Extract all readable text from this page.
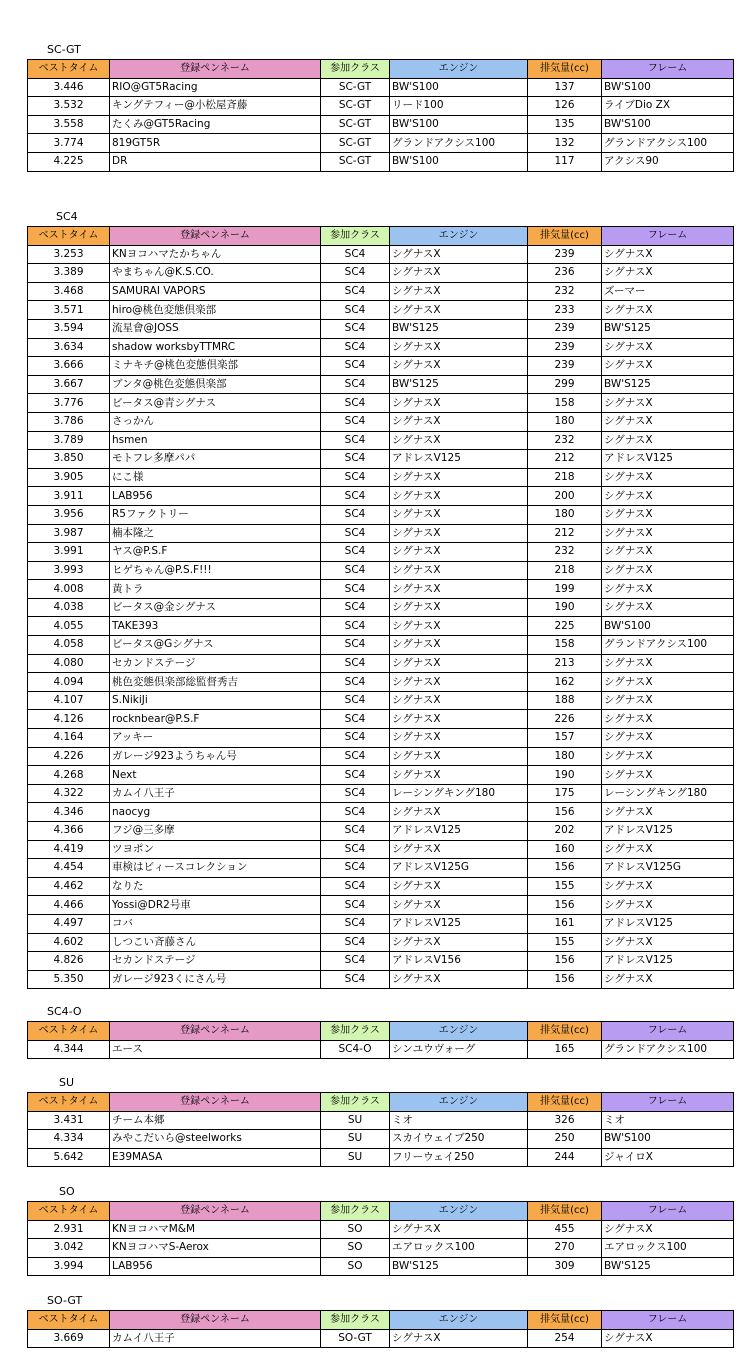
SC-GT
ベストタイム	登録ペンネーム	参加クラス	エンジン	排気量(cc)	フレーム
3.446	RIO@GT5Racing	SC-GT	BW'S100	137	BW'S100
3.532	キングテフィー@小松屋斉藤	SC-GT	リード100	126	ライブDio ZX
3.558	たくみ@GT5Racing	SC-GT	BW'S100	135	BW'S100
3.774	819GT5R	SC-GT	グランドアクシス100	132	グランドアクシス100
4.225	DR	SC-GT	BW'S100	117	アクシス90
SC4
ベストタイム	登録ペンネーム	参加クラス	エンジン	排気量(cc)	フレーム
3.253	KNヨコハマたかちゃん	SC4	シグナスX	239	シグナスX
3.389	やまちゃん@K.S.CO.	SC4	シグナスX	236	シグナスX
3.468	SAMURAI VAPORS	SC4	シグナスX	232	ズーマー
3.571	hiro@桃色変態倶楽部	SC4	シグナスX	233	シグナスX
3.594	流星會@JOSS	SC4	BW'S125	239	BW'S125
3.634	shadow worksbyTTMRC	SC4	シグナスX	239	シグナスX
3.666	ミナキチ@桃色変態倶楽部	SC4	シグナスX	239	シグナスX
3.667	ブンタ@桃色変態倶楽部	SC4	BW'S125	299	BW'S125
3.776	ビータス@青シグナス	SC4	シグナスX	158	シグナスX
3.786	さっかん	SC4	シグナスX	180	シグナスX
3.789	hsmen	SC4	シグナスX	232	シグナスX
3.850	モトフレ多摩パパ	SC4	アドレスV125	212	アドレスV125
3.905	にこ様	SC4	シグナスX	218	シグナスX
3.911	LAB956	SC4	シグナスX	200	シグナスX
3.956	R5ファクトリー	SC4	シグナスX	180	シグナスX
3.987	楠本隆之	SC4	シグナスX	212	シグナスX
3.991	ヤス@P.S.F	SC4	シグナスX	232	シグナスX
3.993	ヒゲちゃん@P.S.F!!!	SC4	シグナスX	218	シグナスX
4.008	黄トラ	SC4	シグナスX	199	シグナスX
4.038	ビータス@金シグナス	SC4	シグナスX	190	シグナスX
4.055	TAKE393	SC4	シグナスX	225	BW'S100
4.058	ビータス@Gシグナス	SC4	シグナスX	158	グランドアクシス100
4.080	セカンドステージ	SC4	シグナスX	213	シグナスX
4.094	桃色変態倶楽部総監督秀吉	SC4	シグナスX	162	シグナスX
4.107	S.NikiJi	SC4	シグナスX	188	シグナスX
4.126	rocknbear@P.S.F	SC4	シグナスX	226	シグナスX
4.164	アッキー	SC4	シグナスX	157	シグナスX
4.226	ガレージ923ようちゃん号	SC4	シグナスX	180	シグナスX
4.268	Next	SC4	シグナスX	190	シグナスX
4.322	カムイ八王子	SC4	レーシングキング180	175	レーシングキング180
4.346	naocyg	SC4	シグナスX	156	シグナスX
4.366	フジ@三多摩	SC4	アドレスV125	202	アドレスV125
4.419	ツヨポン	SC4	シグナスX	160	シグナスX
4.454	車検はビィースコレクション	SC4	アドレスV125G	156	アドレスV125G
4.462	なりた	SC4	シグナスX	155	シグナスX
4.466	Yossi@DR2号車	SC4	シグナスX	156	シグナスX
4.497	コバ	SC4	アドレスV125	161	アドレスV125
4.602	しつこい斉藤さん	SC4	シグナスX	155	シグナスX
4.826	セカンドステージ	SC4	アドレスV156	156	アドレスV125
5.350	ガレージ923くにさん号	SC4	シグナスX	156	シグナスX
SC4-O
ベストタイム	登録ペンネーム	参加クラス	エンジン	排気量(cc)	フレーム
4.344	エース	SC4-O	シンユウヴォーグ	165	グランドアクシス100
SU
ベストタイム	登録ペンネーム	参加クラス	エンジン	排気量(cc)	フレーム
3.431	チーム本郷	SU	ミオ	326	ミオ
4.334	みやこだいら@steelworks	SU	スカイウェイブ250	250	BW'S100
5.642	E39MASA	SU	フリーウェイ250	244	ジャイロX
SO
ベストタイム	登録ペンネーム	参加クラス	エンジン	排気量(cc)	フレーム
2.931	KNヨコハマM&M	SO	シグナスX	455	シグナスX
3.042	KNヨコハマS-Aerox	SO	エアロックス100	270	エアロックス100
3.994	LAB956	SO	BW'S125	309	BW'S125
SO-GT
ベストタイム	登録ペンネーム	参加クラス	エンジン	排気量(cc)	フレーム
3.669	カムイ八王子	SO-GT	シグナスX	254	シグナスX
